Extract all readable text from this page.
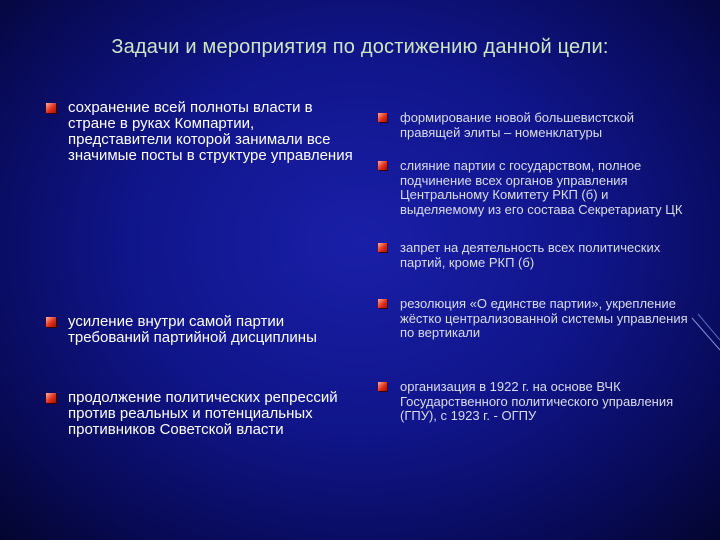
Задачи и мероприятия по достижению данной цели:
сохранение всей полноты власти в стране в руках Компартии, представители которой занимали все значимые посты в структуре управления
усиление внутри самой партии требований партийной дисциплины
продолжение политических репрессий против реальных и потенциальных противников Советской власти
формирование новой большевистской правящей элиты – номенклатуры
слияние партии с государством, полное подчинение всех органов управления Центральному Комитету РКП (б) и выделяемому из его состава Секретариату ЦК
запрет на деятельность всех политических партий, кроме РКП (б)
резолюция «О единстве партии», укрепление жёстко централизованной системы управления по вертикали
организация в 1922 г. на основе ВЧК Государственного политического управления (ГПУ), с 1923 г. - ОГПУ
